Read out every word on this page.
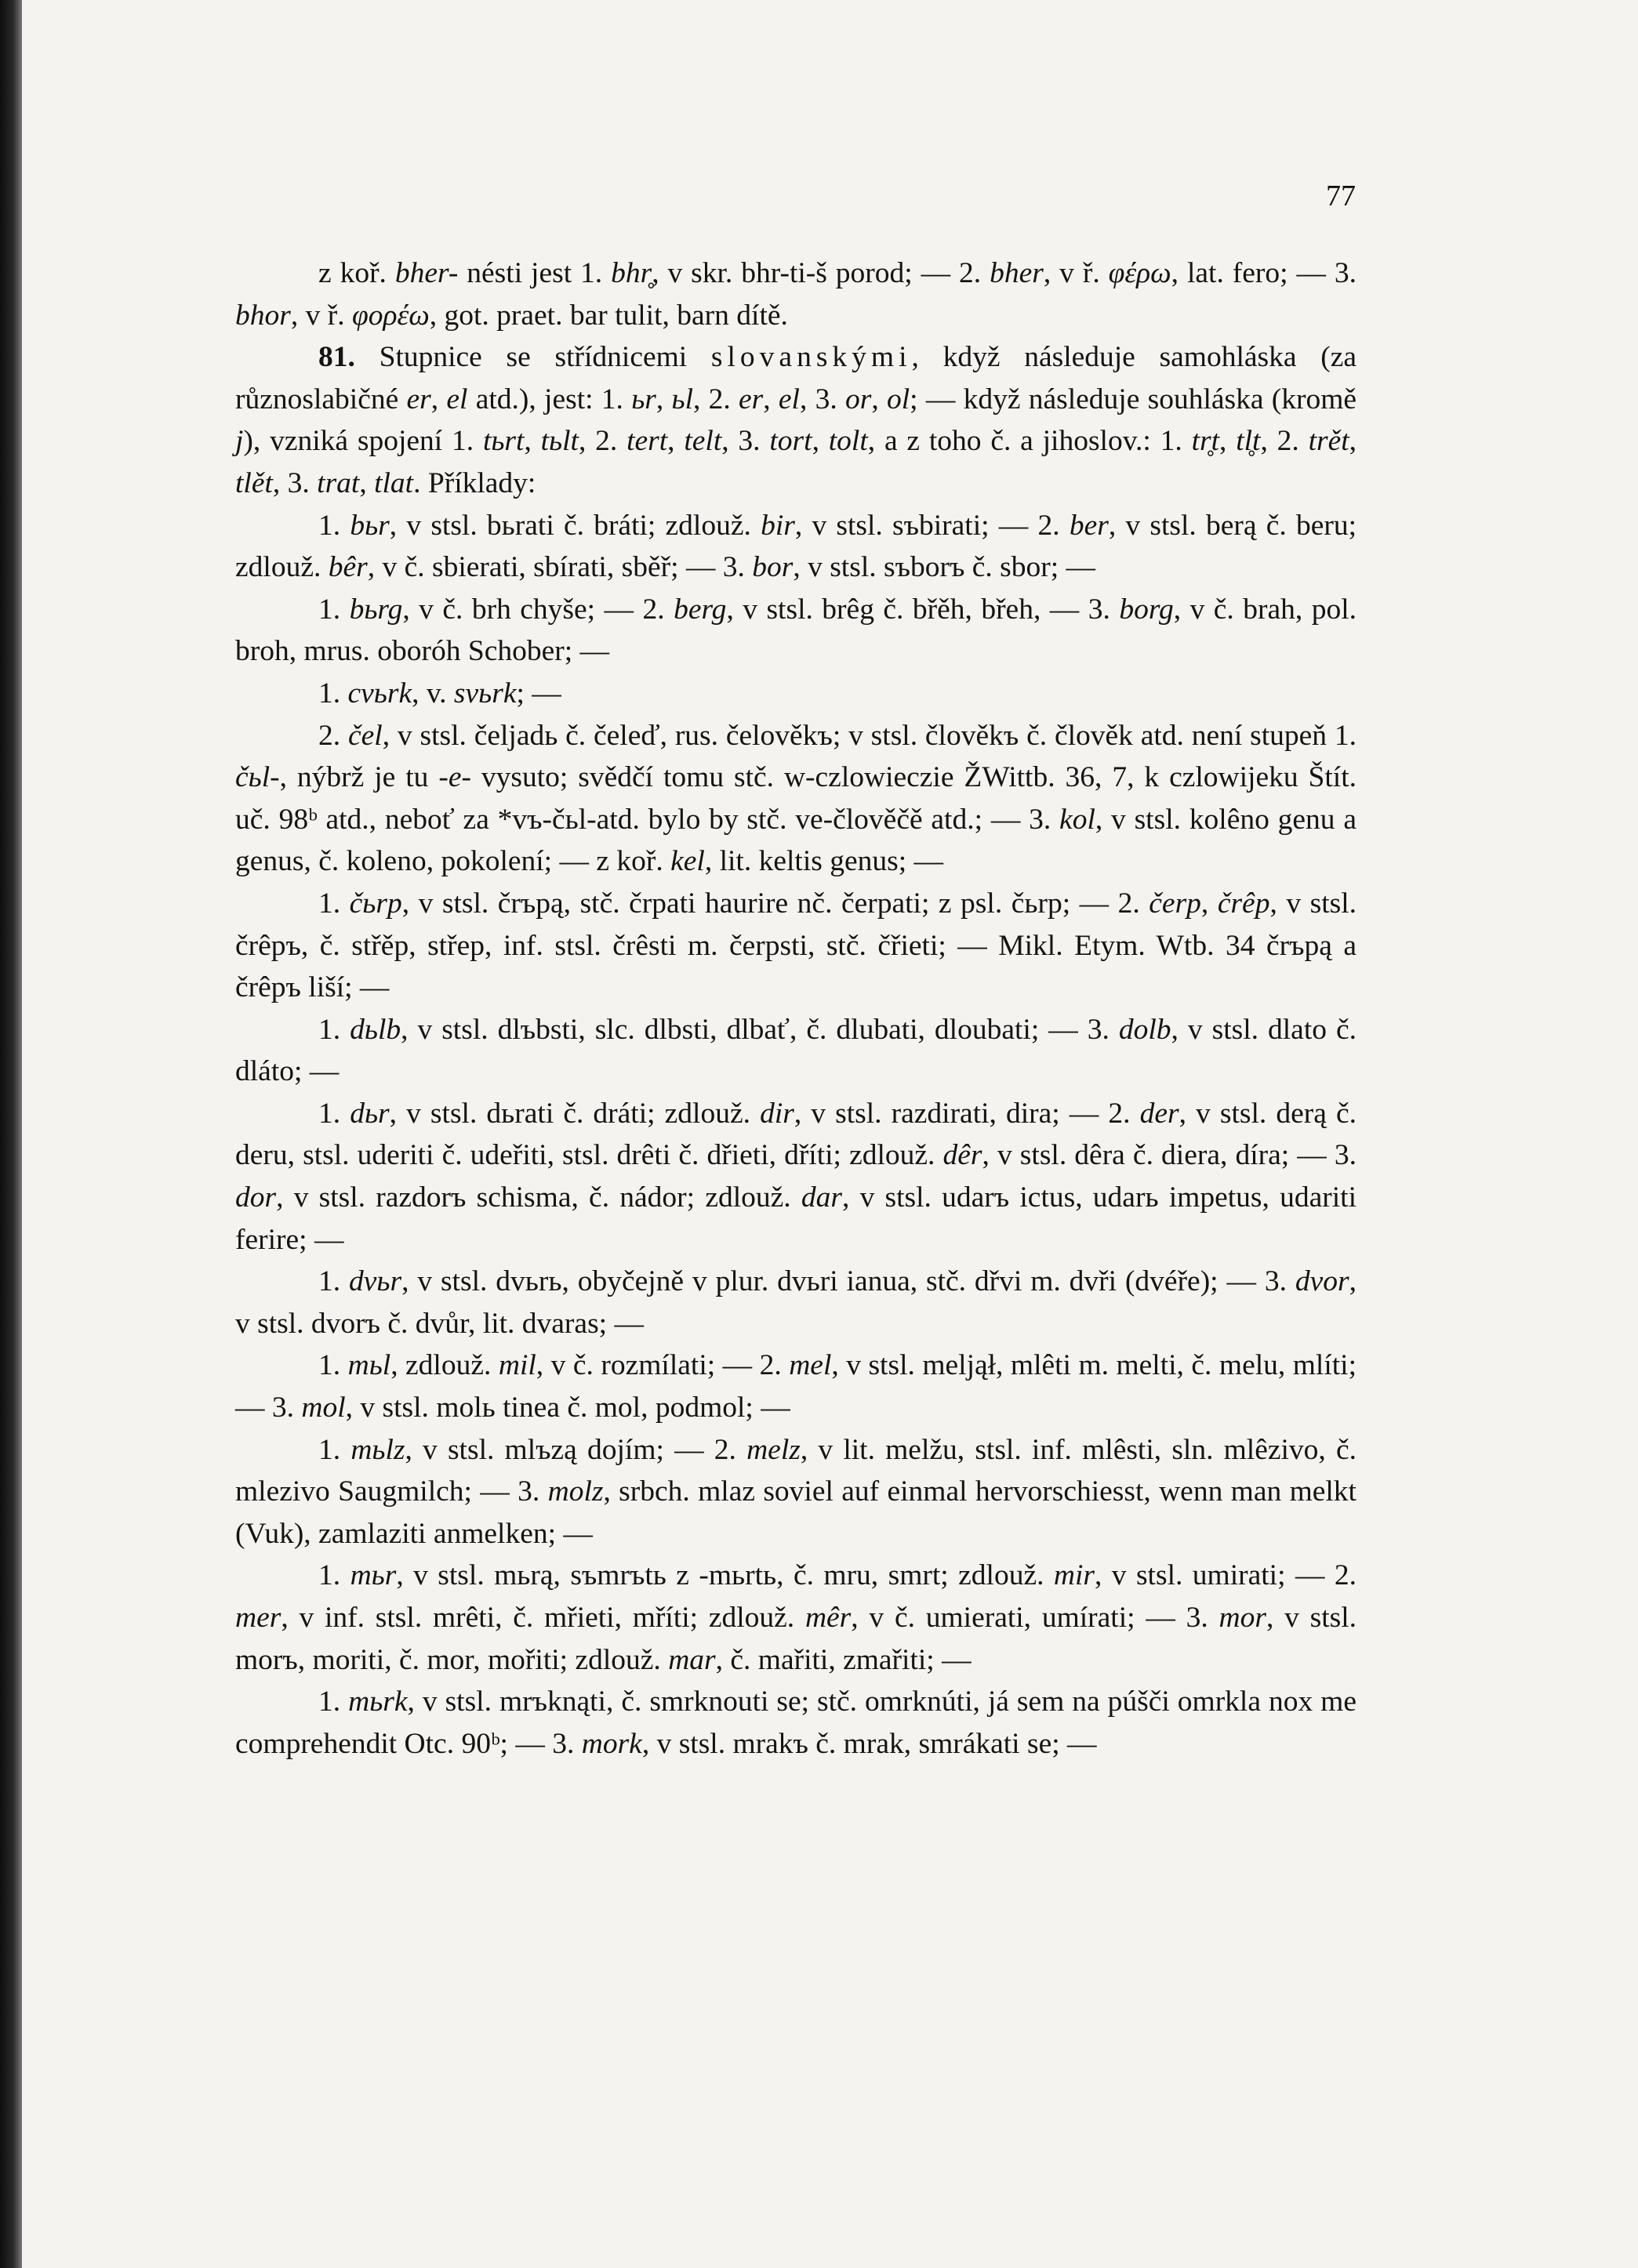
77

z koř. bher- nésti jest 1. bhr̥, v skr. bhr-ti-š porod; — 2. bher, v ř. φέρω, lat. fero; — 3. bhor, v ř. φορέω, got. praet. bar tulit, barn dítě.

81. Stupnice se střídnicemi slovanskými, když následuje samohláska (za různoslabičné er, el atd.), jest: 1. ьr, ьl, 2. er, el, 3. or, ol; — když následuje souhláska (kromě j), vzniká spojení 1. tьrt, tьlt, 2. tert, telt, 3. tort, tolt, a z toho č. a jihoslov.: 1. tr̥t, tl̥t, 2. trět, tlět, 3. trat, tlat. Příklady:

1. bьr, v stsl. bьrati č. bráti; zdlouž. bir, v stsl. sъbirati; — 2. ber, v stsl. berą č. beru; zdlouž. bêr, v č. sbierati, sbírati, sběř; — 3. bor, v stsl. sъborъ č. sbor; —

1. bьrg, v č. brh chyše; — 2. berg, v stsl. brêg č. břěh, břeh, — 3. borg, v č. brah, pol. broh, mrus. oboróh Schober; —

1. cvьrk, v. svьrk; —

2. čel, v stsl. čeljadь č. čeleď, rus. čelověkъ; v stsl. člověkъ č. člověk atd. není stupeň 1. čьl-, nýbrž je tu -e- vysuto; svědčí tomu stč. w-czlowieczie ŽWittb. 36, 7, k czlowijeku Štít. uč. 98ᵇ atd., neboť za *vъ-čьl-atd. bylo by stč. ve-člověčě atd.; — 3. kol, v stsl. kolêno genu a genus, č. koleno, pokolení; — z koř. kel, lit. keltis genus; —

1. čьrp, v stsl. črъpą, stč. črpati haurire nč. čerpati; z psl. čьrp; — 2. čerp, črêp, v stsl. črêpъ, č. střěp, střep, inf. stsl. črêsti m. čerpsti, stč. čřieti; — Mikl. Etym. Wtb. 34 črъpą a črêpъ liší; —

1. dьlb, v stsl. dlъbsti, slc. dlbsti, dlbať, č. dlubati, dloubati; — 3. dolb, v stsl. dlato č. dláto; —

1. dьr, v stsl. dьrati č. dráti; zdlouž. dir, v stsl. razdirati, dira; — 2. der, v stsl. derą č. deru, stsl. uderiti č. udeřiti, stsl. drêti č. dřieti, dříti; zdlouž. dêr, v stsl. dêra č. diera, díra; — 3. dor, v stsl. razdorъ schisma, č. nádor; zdlouž. dar, v stsl. udarъ ictus, udarь impetus, udariti ferire; —

1. dvьr, v stsl. dvьrь, obyčejně v plur. dvьri ianua, stč. dřvi m. dvři (dvéře); — 3. dvor, v stsl. dvorъ č. dvůr, lit. dvaras; —

1. mьl, zdlouž. mil, v č. rozmílati; — 2. mel, v stsl. meljął, mlêti m. melti, č. melu, mlíti; — 3. mol, v stsl. molь tinea č. mol, podmol; —

1. mьlz, v stsl. mlъzą dojím; — 2. melz, v lit. melžu, stsl. inf. mlêsti, sln. mlêzivo, č. mlezivo Saugmilch; — 3. molz, srbch. mlaz soviel auf einmal hervorschiesst, wenn man melkt (Vuk), zamlaziti anmelken; —

1. mьr, v stsl. mьrą, sъmrъtь z -mьrtь, č. mru, smrt; zdlouž. mir, v stsl. umirati; — 2. mer, v inf. stsl. mrêti, č. mřieti, mříti; zdlouž. mêr, v č. umierati, umírati; — 3. mor, v stsl. morъ, moriti, č. mor, mořiti; zdlouž. mar, č. mařiti, zmařiti; —

1. mьrk, v stsl. mrъknąti, č. smrknouti se; stč. omrknúti, já sem na púšči omrkla nox me comprehendit Otc. 90ᵇ; — 3. mork, v stsl. mrakъ č. mrak, smrákati se; —
